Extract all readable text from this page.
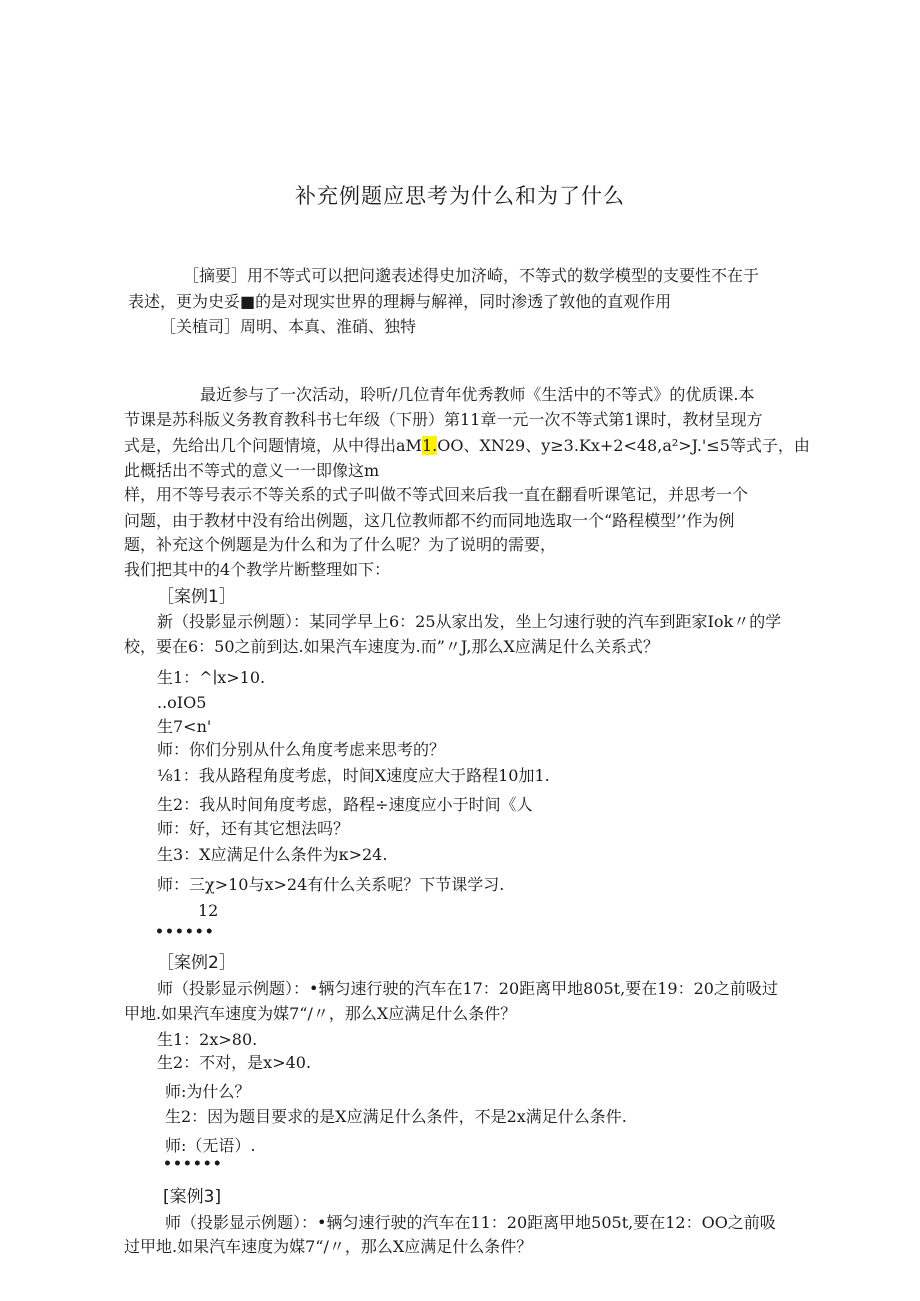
补充例题应思考为什么和为了什么
［摘要］用不等式可以把问邈表述得史加济崎，不等式的数学模型的支要性不在于
表述，更为史妥■的是对现实世界的理耨与解禅，同时渗透了敦他的直观作用
［关植司］周明、本真、淮硝、独特
最近参与了一次活动，聆听/几位青年优秀教师《生活中的不等式》的优质课.本
节课是苏科版义务教育教科书七年级（下册）第11章一元一次不等式第1课时，教材呈现方
式是，先给出几个问题情境，从中得出aM1.OO、XN29、y≥3.Kx+2<48,a²>J.'≤5等式子，由
此概括出不等式的意义一一即像这m
样，用不等号表示不等关系的式子叫做不等式回来后我一直在翻看听课笔记，并思考一个
问题，由于教材中没有给出例题，这几位教师都不约而同地选取一个“路程模型’’作为例
题，补充这个例题是为什么和为了什么呢？为了说明的需要，
我们把其中的4个教学片断整理如下：
［案例1］
新（投影显示例题）：某同学早上6：25从家出发，坐上匀速行驶的汽车到距家Iok〃的学
校，要在6：50之前到达.如果汽车速度为.而”〃J,那么X应满足什么关系式？
生1：^∣x>10.
..oIO5
生7<n'
师：你们分别从什么角度考虑来思考的？
⅛1：我从路程角度考虑，时间X速度应大于路程10加1.
生2：我从时间角度考虑，路程÷速度应小于时间《人
师：好，还有其它想法吗？
生3：X应满足什么条件为κ>24.
师：三χ>10与x>24有什么关系呢？下节课学习.
12
••••••
［案例2］
师（投影显示例题）：•辆匀速行驶的汽车在17：20距离甲地805t,要在19：20之前吸过
甲地.如果汽车速度为媒7“/〃，那么X应满足什么条件？
生1：2x>80.
生2：不对，是x>40.
师:为什么？
生2：因为题目要求的是X应满足什么条件，不是2x满足什么条件.
师:（无语）.
••••••
[案例3]
师（投影显示例题）：•辆匀速行驶的汽车在11：20距离甲地505t,要在12：OO之前吸
过甲地.如果汽车速度为媒7“/〃，那么X应满足什么条件？
